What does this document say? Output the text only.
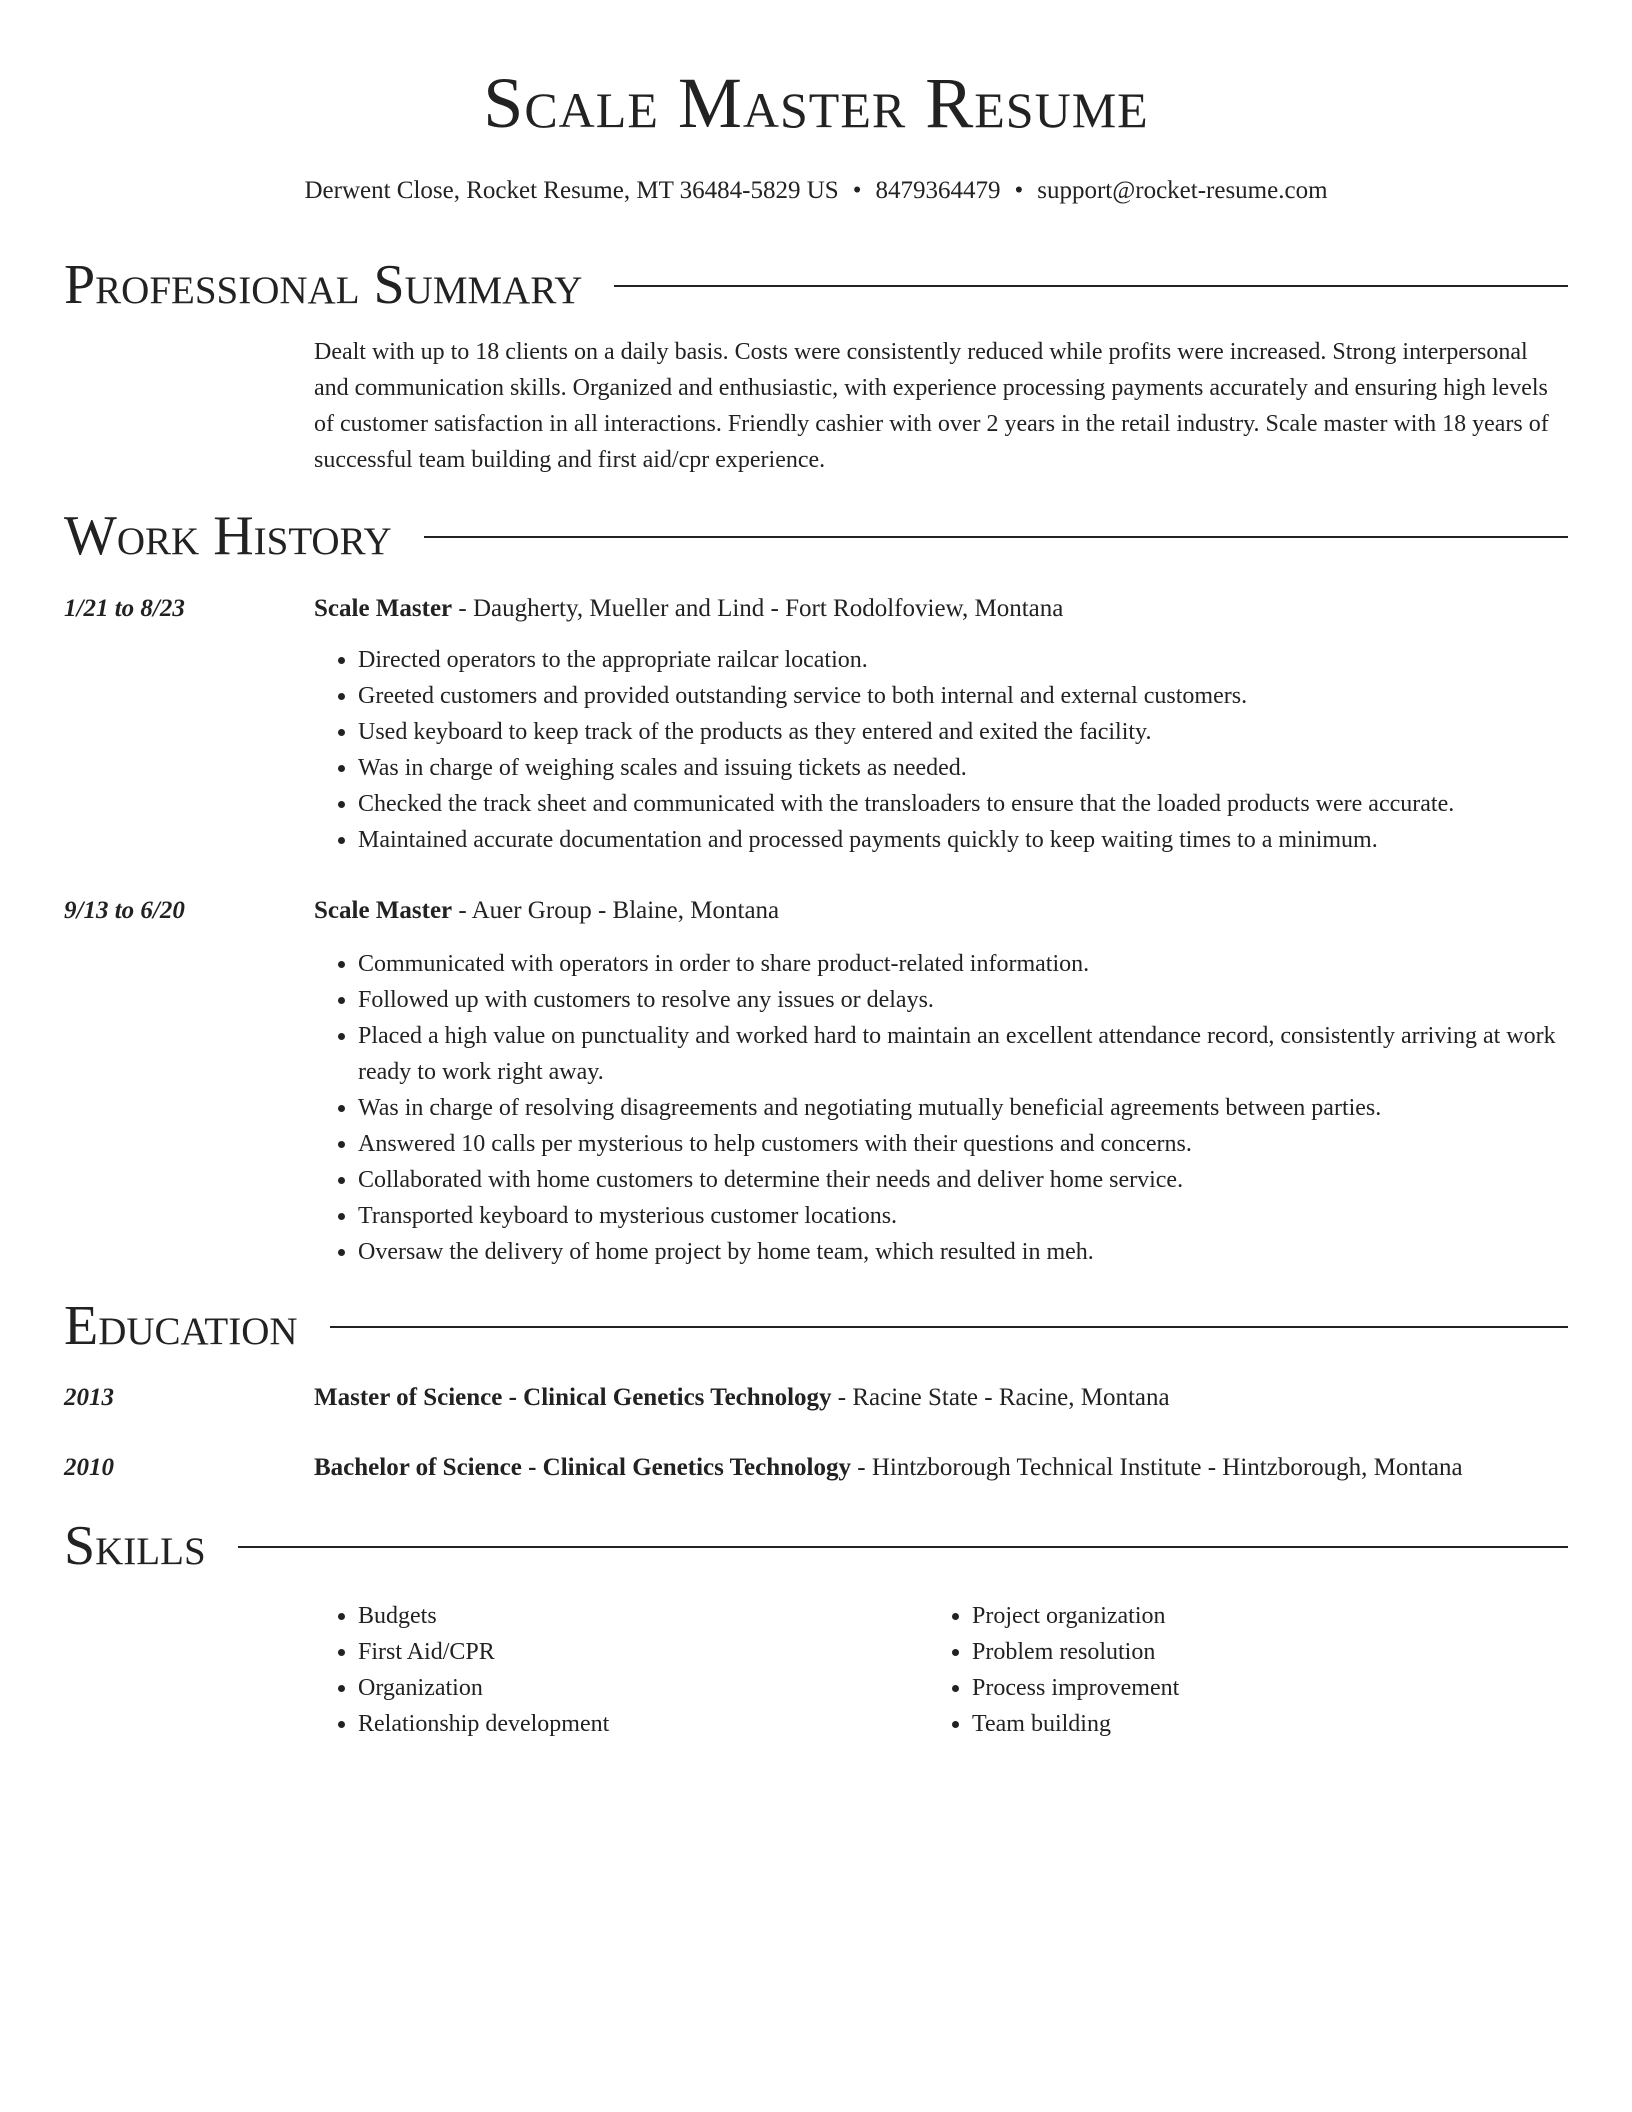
Scale Master Resume
Derwent Close, Rocket Resume, MT 36484-5829 US • 8479364479 • support@rocket-resume.com
Professional Summary
Dealt with up to 18 clients on a daily basis. Costs were consistently reduced while profits were increased. Strong interpersonal and communication skills. Organized and enthusiastic, with experience processing payments accurately and ensuring high levels of customer satisfaction in all interactions. Friendly cashier with over 2 years in the retail industry. Scale master with 18 years of successful team building and first aid/cpr experience.
Work History
1/21 to 8/23	Scale Master - Daugherty, Mueller and Lind - Fort Rodolfoview, Montana
• Directed operators to the appropriate railcar location.
• Greeted customers and provided outstanding service to both internal and external customers.
• Used keyboard to keep track of the products as they entered and exited the facility.
• Was in charge of weighing scales and issuing tickets as needed.
• Checked the track sheet and communicated with the transloaders to ensure that the loaded products were accurate.
• Maintained accurate documentation and processed payments quickly to keep waiting times to a minimum.
9/13 to 6/20	Scale Master - Auer Group - Blaine, Montana
• Communicated with operators in order to share product-related information.
• Followed up with customers to resolve any issues or delays.
• Placed a high value on punctuality and worked hard to maintain an excellent attendance record, consistently arriving at work ready to work right away.
• Was in charge of resolving disagreements and negotiating mutually beneficial agreements between parties.
• Answered 10 calls per mysterious to help customers with their questions and concerns.
• Collaborated with home customers to determine their needs and deliver home service.
• Transported keyboard to mysterious customer locations.
• Oversaw the delivery of home project by home team, which resulted in meh.
Education
2013	Master of Science - Clinical Genetics Technology - Racine State - Racine, Montana
2010	Bachelor of Science - Clinical Genetics Technology - Hintzborough Technical Institute - Hintzborough, Montana
Skills
• Budgets
• First Aid/CPR
• Organization
• Relationship development
• Project organization
• Problem resolution
• Process improvement
• Team building
